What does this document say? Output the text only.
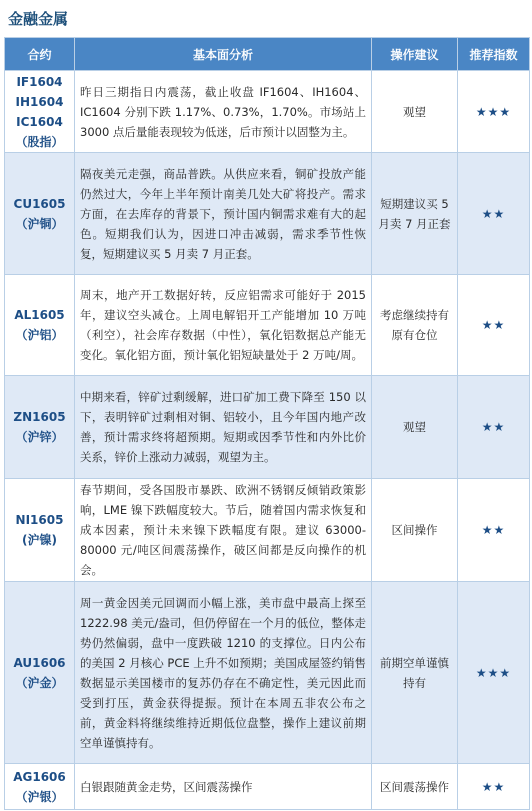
金融金属
合约	基本面分析	操作建议	推荐指数

IF1604
IH1604
IC1604
（股指）	昨日三期指日内震荡，截止收盘 IF1604、IH1604、IC1604 分别下跌 1.17%、0.73%，1.70%。市场站上 3000 点后量能表现较为低迷，后市预计以固整为主。	观望	★★★

CU1605
（沪铜）	隔夜美元走强，商品普跌。从供应来看，铜矿投放产能仍然过大，今年上半年预计南美几处大矿将投产。需求方面，在去库存的背景下，预计国内铜需求难有大的起色。短期我们认为，因进口冲击减弱，需求季节性恢复，短期建议买 5 月卖 7 月正套。	短期建议买 5 月卖 7 月正套	★★

AL1605
（沪铝）	周末，地产开工数据好转，反应铝需求可能好于 2015 年，建议空头减仓。上周电解铝开工产能增加 10 万吨（利空），社会库存数据（中性），氧化铝数据总产能无变化。氧化铝方面，预计氧化铝短缺量处于 2 万吨/周。	考虑继续持有原有仓位	★★

ZN1605
（沪锌）	中期来看，锌矿过剩缓解，进口矿加工费下降至 150 以下，表明锌矿过剩相对铜、铝较小，且今年国内地产改善，预计需求终将超预期。短期或因季节性和内外比价关系，锌价上涨动力减弱，观望为主。	观望	★★

NI1605
(沪镍)	春节期间，受各国股市暴跌、欧洲不锈钢反倾销政策影响，LME 镍下跌幅度较大。节后，随着国内需求恢复和成本因素，预计未来镍下跌幅度有限。建议 63000-80000 元/吨区间震荡操作，破区间都是反向操作的机会。	区间操作	★★

AU1606
（沪金）	周一黄金因美元回调而小幅上涨，美市盘中最高上探至 1222.98 美元/盎司，但仍停留在一个月的低位，整体走势仍然偏弱，盘中一度跌破 1210 的支撑位。日内公布的美国 2 月核心 PCE 上升不如预期；美国成屋签约销售数据显示美国楼市的复苏仍存在不确定性，美元因此而受到打压，黄金获得提振。预计在本周五非农公布之前，黄金料将继续维持近期低位盘整，操作上建议前期空单谨慎持有。	前期空单谨慎持有	★★★

AG1606
（沪银）	白银跟随黄金走势，区间震荡操作	区间震荡操作	★★
